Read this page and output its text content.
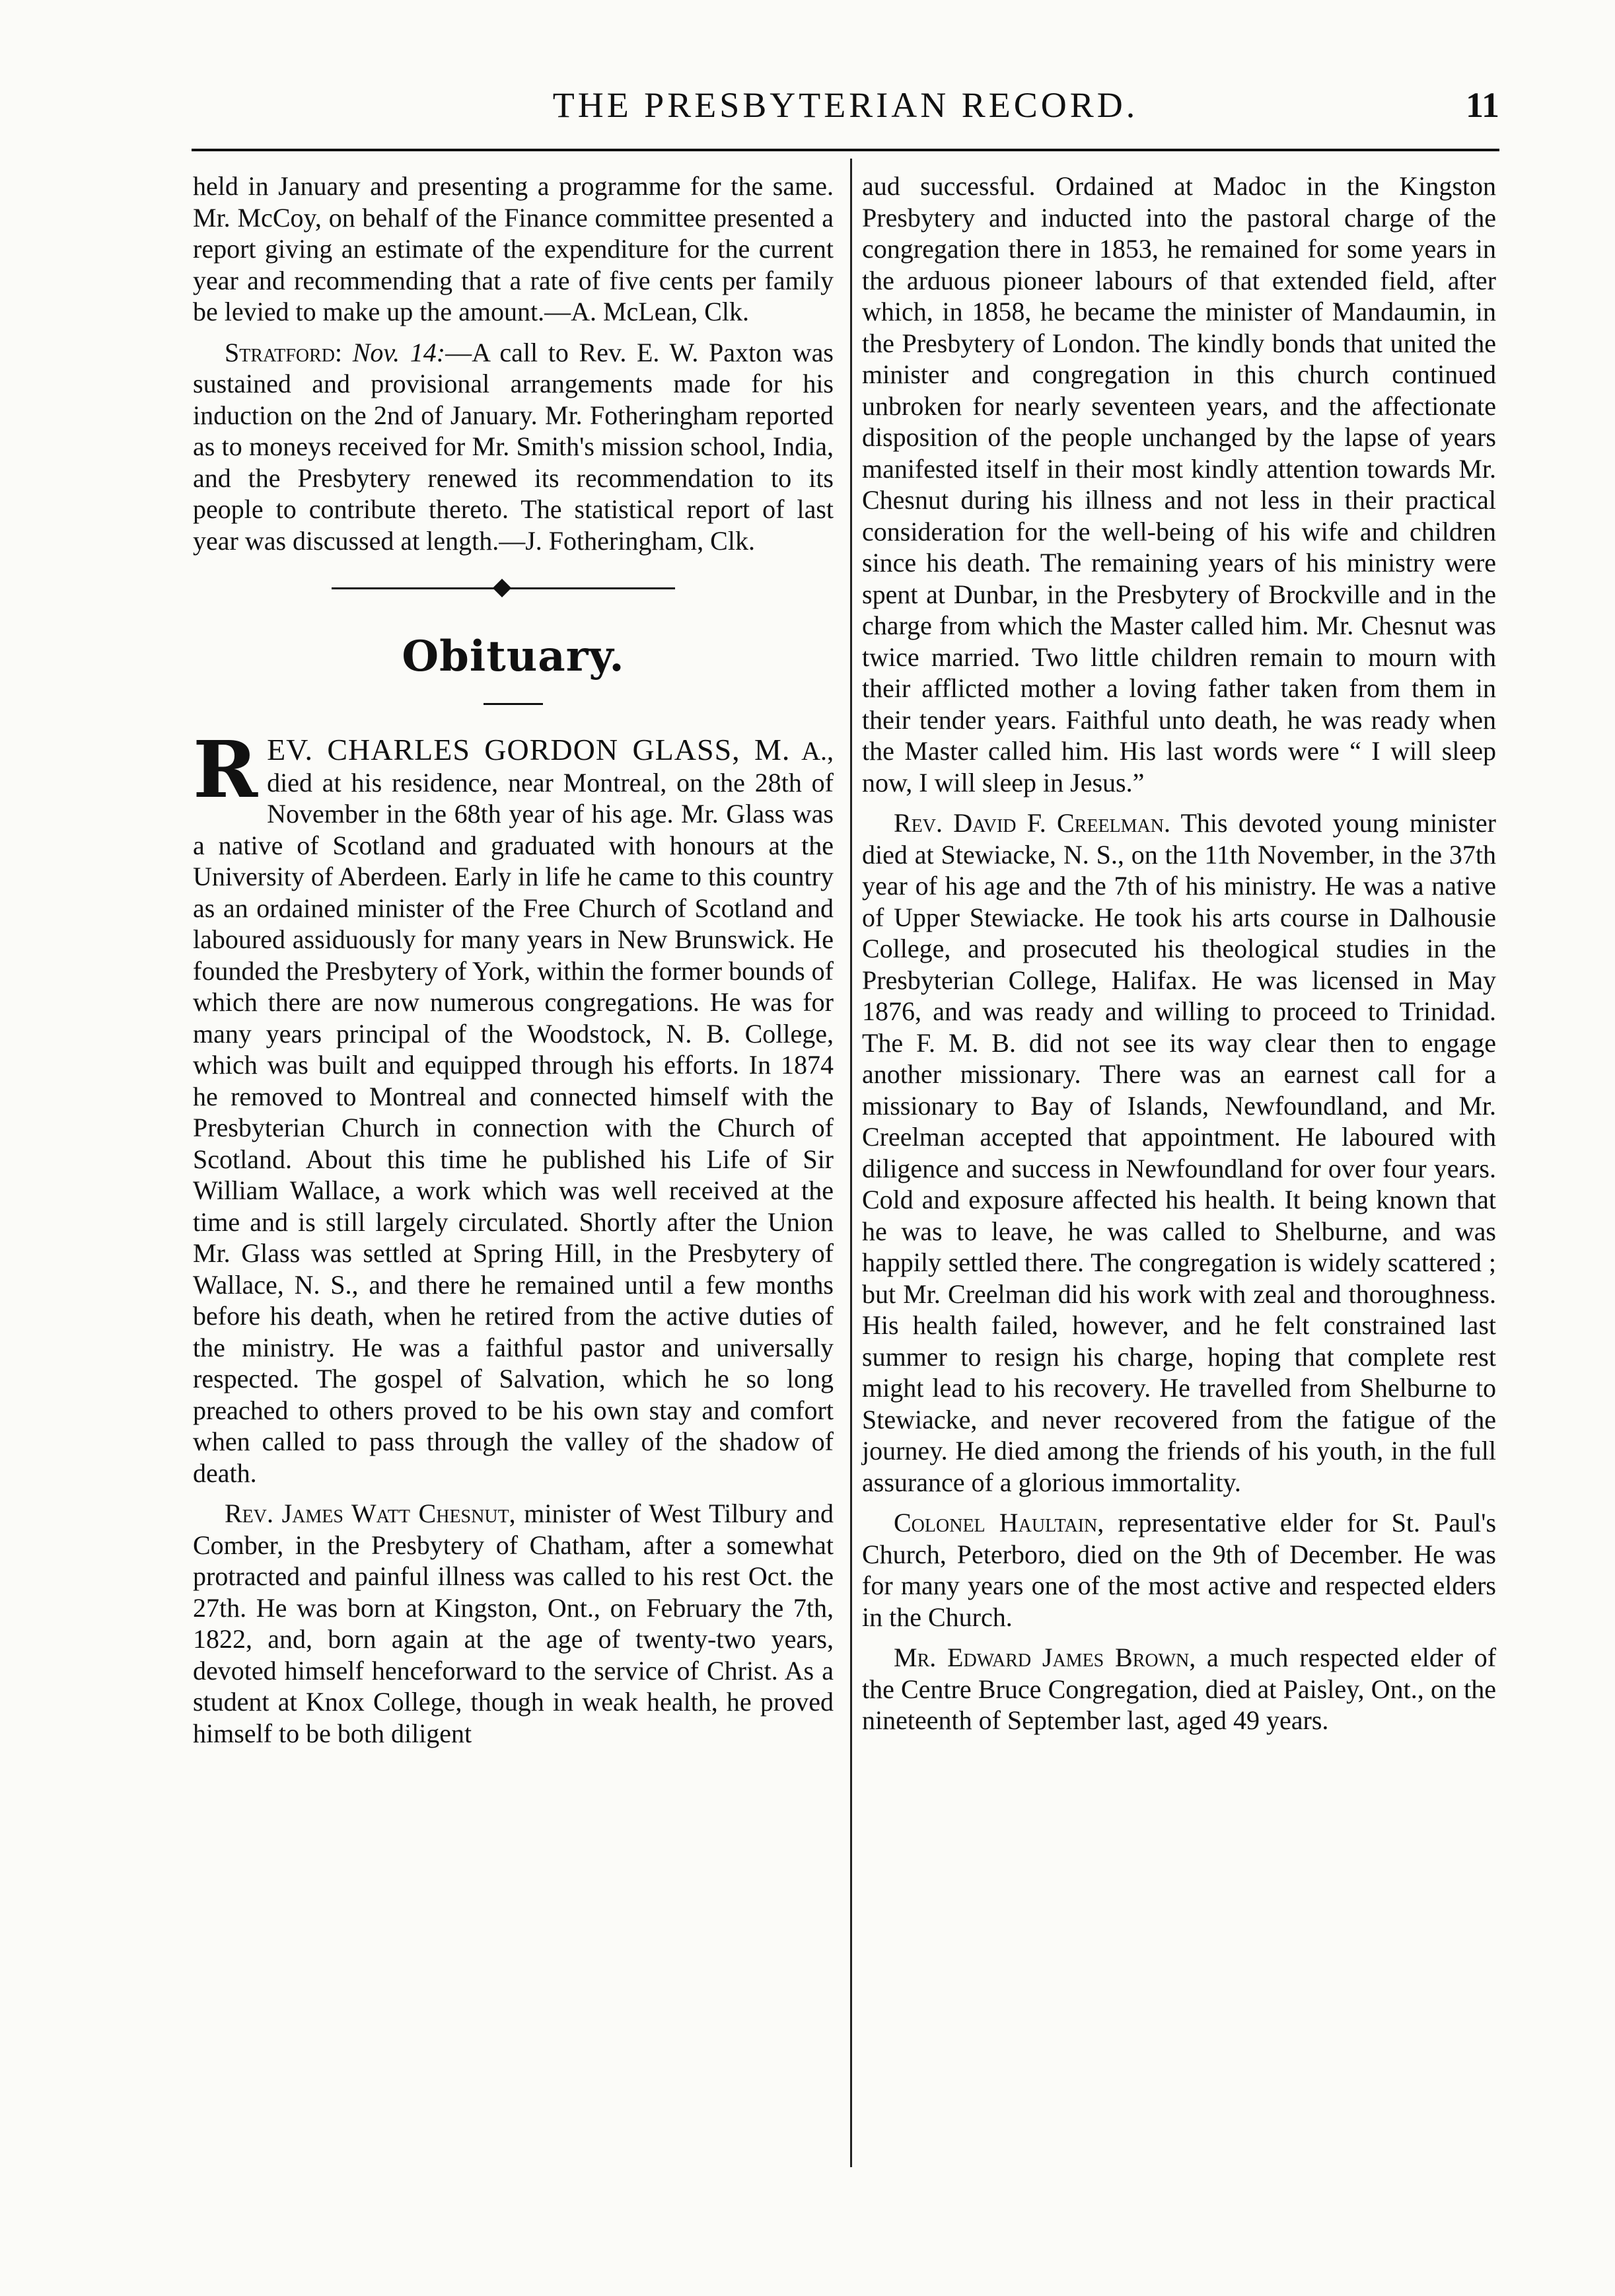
THE PRESBYTERIAN RECORD.	11

held in January and presenting a programme for the same. Mr. McCoy, on behalf of the Finance committee presented a report giving an estimate of the expenditure for the current year and recommending that a rate of five cents per family be levied to make up the amount.—A. McLean, Clk.

Stratford: Nov. 14:—A call to Rev. E. W. Paxton was sustained and provisional arrangements made for his induction on the 2nd of January. Mr. Fotheringham reported as to moneys received for Mr. Smith's mission school, India, and the Presbytery renewed its recommendation to its people to contribute thereto. The statistical report of last year was discussed at length.—J. Fotheringham, Clk.

Obituary.

REV. CHARLES GORDON GLASS, M. A., died at his residence, near Montreal, on the 28th of November in the 68th year of his age. Mr. Glass was a native of Scotland and graduated with honours at the University of Aberdeen. Early in life he came to this country as an ordained minister of the Free Church of Scotland and laboured assiduously for many years in New Brunswick. He founded the Presbytery of York, within the former bounds of which there are now numerous congregations. He was for many years principal of the Woodstock, N. B. College, which was built and equipped through his efforts. In 1874 he removed to Montreal and connected himself with the Presbyterian Church in connection with the Church of Scotland. About this time he published his Life of Sir William Wallace, a work which was well received at the time and is still largely circulated. Shortly after the Union Mr. Glass was settled at Spring Hill, in the Presbytery of Wallace, N. S., and there he remained until a few months before his death, when he retired from the active duties of the ministry. He was a faithful pastor and universally respected. The gospel of Salvation, which he so long preached to others proved to be his own stay and comfort when called to pass through the valley of the shadow of death.

Rev. James Watt Chesnut, minister of West Tilbury and Comber, in the Presbytery of Chatham, after a somewhat protracted and painful illness was called to his rest Oct. the 27th. He was born at Kingston, Ont., on February the 7th, 1822, and, born again at the age of twenty-two years, devoted himself henceforward to the service of Christ. As a student at Knox College, though in weak health, he proved himself to be both diligent

aud successful. Ordained at Madoc in the Kingston Presbytery and inducted into the pastoral charge of the congregation there in 1853, he remained for some years in the arduous pioneer labours of that extended field, after which, in 1858, he became the minister of Mandaumin, in the Presbytery of London. The kindly bonds that united the minister and congregation in this church continued unbroken for nearly seventeen years, and the affectionate disposition of the people unchanged by the lapse of years manifested itself in their most kindly attention towards Mr. Chesnut during his illness and not less in their practical consideration for the well-being of his wife and children since his death. The remaining years of his ministry were spent at Dunbar, in the Presbytery of Brockville and in the charge from which the Master called him. Mr. Chesnut was twice married. Two little children remain to mourn with their afflicted mother a loving father taken from them in their tender years. Faithful unto death, he was ready when the Master called him. His last words were “ I will sleep now, I will sleep in Jesus.”

Rev. David F. Creelman. This devoted young minister died at Stewiacke, N. S., on the 11th November, in the 37th year of his age and the 7th of his ministry. He was a native of Upper Stewiacke. He took his arts course in Dalhousie College, and prosecuted his theological studies in the Presbyterian College, Halifax. He was licensed in May 1876, and was ready and willing to proceed to Trinidad. The F. M. B. did not see its way clear then to engage another missionary. There was an earnest call for a missionary to Bay of Islands, Newfoundland, and Mr. Creelman accepted that appointment. He laboured with diligence and success in Newfoundland for over four years. Cold and exposure affected his health. It being known that he was to leave, he was called to Shelburne, and was happily settled there. The congregation is widely scattered ; but Mr. Creelman did his work with zeal and thoroughness. His health failed, however, and he felt constrained last summer to resign his charge, hoping that complete rest might lead to his recovery. He travelled from Shelburne to Stewiacke, and never recovered from the fatigue of the journey. He died among the friends of his youth, in the full assurance of a glorious immortality.

Colonel Haultain, representative elder for St. Paul's Church, Peterboro, died on the 9th of December. He was for many years one of the most active and respected elders in the Church.

Mr. Edward James Brown, a much respected elder of the Centre Bruce Congregation, died at Paisley, Ont., on the nineteenth of September last, aged 49 years.
